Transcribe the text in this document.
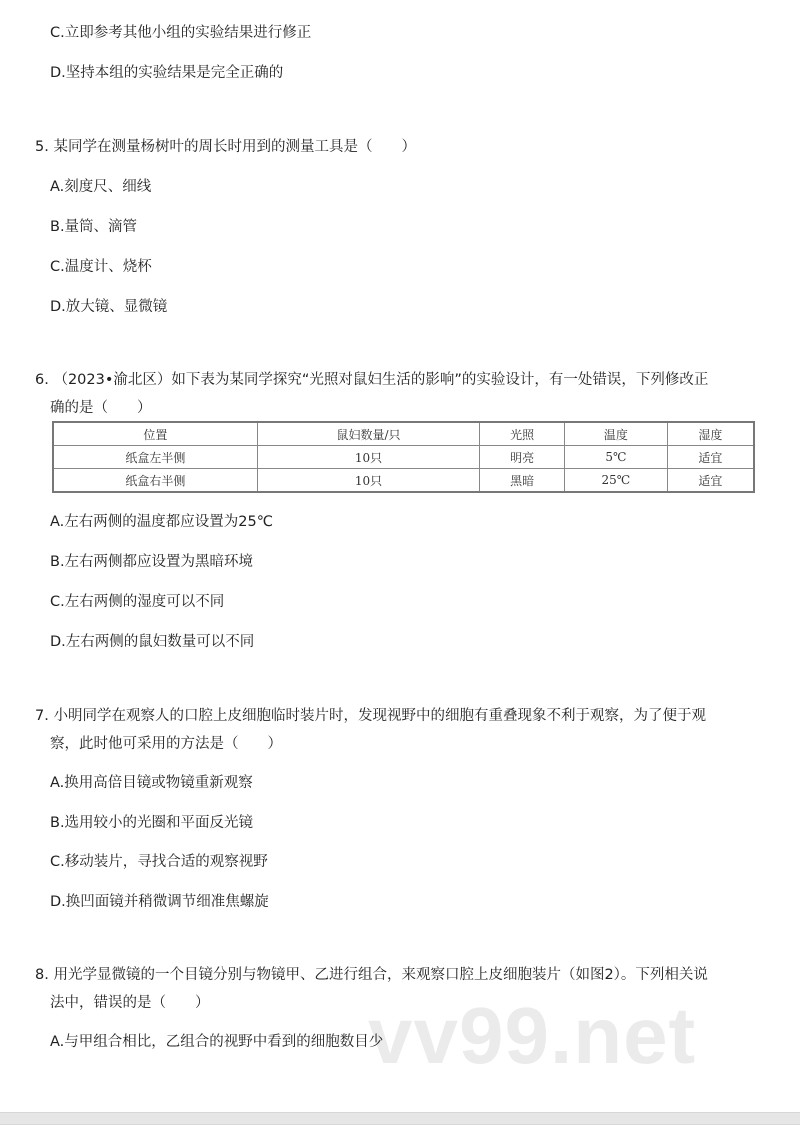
vv99.net
C.立即参考其他小组的实验结果进行修正
D.坚持本组的实验结果是完全正确的
5. 某同学在测量杨树叶的周长时用到的测量工具是（　　）
A.刻度尺、细线
B.量筒、滴管
C.温度计、烧杯
D.放大镜、显微镜
6. （2023•渝北区）如下表为某同学探究“光照对鼠妇生活的影响”的实验设计，有一处错误，下列修改正
确的是（　　）
位置	鼠妇数量/只	光照	温度	湿度
纸盒左半侧	10只	明亮	5℃	适宜
纸盒右半侧	10只	黑暗	25℃	适宜
A.左右两侧的温度都应设置为25℃
B.左右两侧都应设置为黑暗环境
C.左右两侧的湿度可以不同
D.左右两侧的鼠妇数量可以不同
7. 小明同学在观察人的口腔上皮细胞临时装片时，发现视野中的细胞有重叠现象不利于观察，为了便于观
察，此时他可采用的方法是（　　）
A.换用高倍目镜或物镜重新观察
B.选用较小的光圈和平面反光镜
C.移动装片，寻找合适的观察视野
D.换凹面镜并稍微调节细准焦螺旋
8. 用光学显微镜的一个目镜分别与物镜甲、乙进行组合，来观察口腔上皮细胞装片（如图2）。下列相关说
法中，错误的是（　　）
A.与甲组合相比，乙组合的视野中看到的细胞数目少
